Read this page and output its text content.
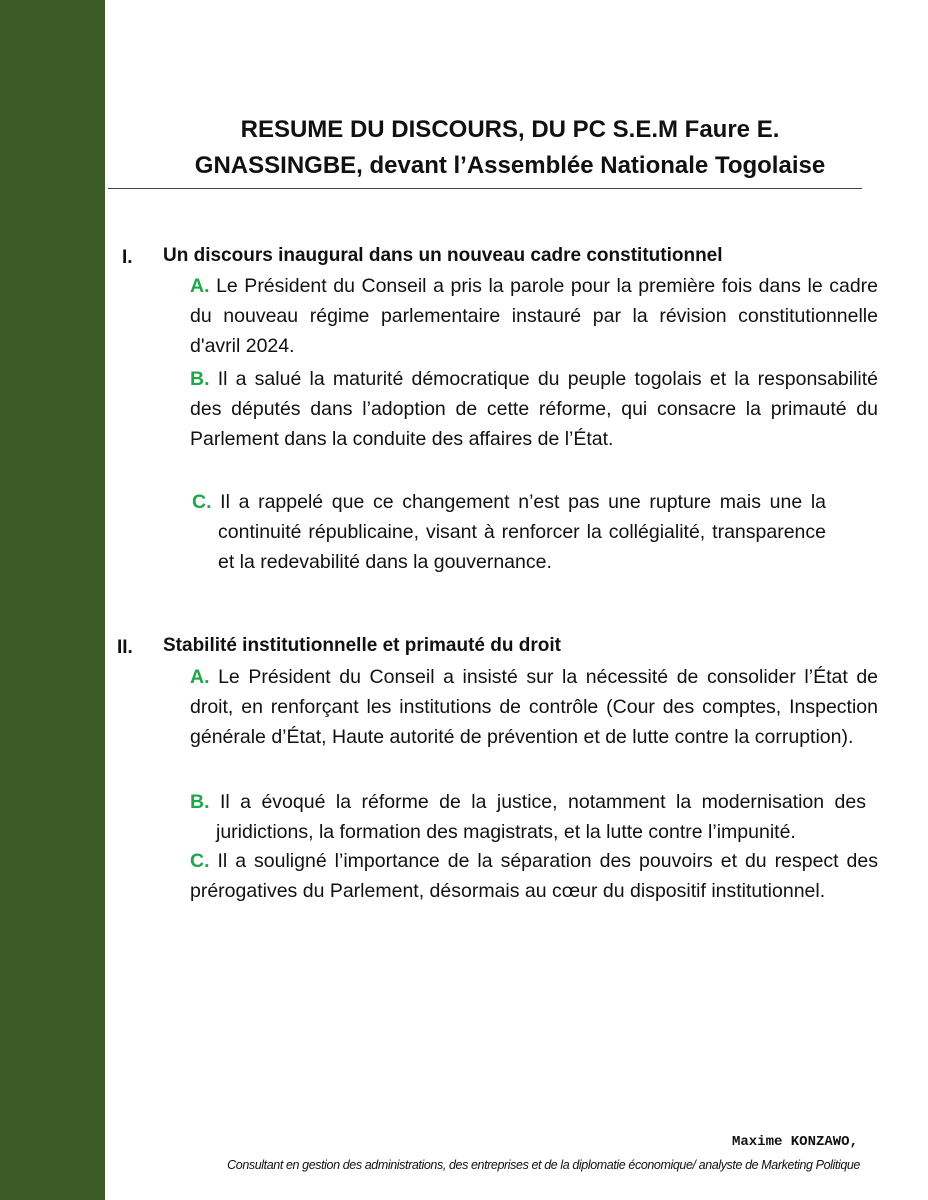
RESUME DU DISCOURS, DU PC S.E.M Faure E.
GNASSINGBE, devant l’Assemblée Nationale Togolaise
I. Un discours inaugural dans un nouveau cadre constitutionnel

A. Le Président du Conseil a pris la parole pour la première fois dans le cadre du nouveau régime parlementaire instauré par la révision constitutionnelle d'avril 2024.

B. Il a salué la maturité démocratique du peuple togolais et la responsabilité des députés dans l’adoption de cette réforme, qui consacre la primauté du Parlement dans la conduite des affaires de l’État.

C. Il a rappelé que ce changement n’est pas une rupture mais une la continuité républicaine, visant à renforcer la collégialité, transparence et la redevabilité dans la gouvernance.

II. Stabilité institutionnelle et primauté du droit

A. Le Président du Conseil a insisté sur la nécessité de consolider l’État de droit, en renforçant les institutions de contrôle (Cour des comptes, Inspection générale d’État, Haute autorité de prévention et de lutte contre la corruption).

B. Il a évoqué la réforme de la justice, notamment la modernisation des juridictions, la formation des magistrats, et la lutte contre l’impunité.

C. Il a souligné l’importance de la séparation des pouvoirs et du respect des prérogatives du Parlement, désormais au cœur du dispositif institutionnel.

Maxime KONZAWO,
Consultant en gestion des administrations, des entreprises et de la diplomatie économique/ analyste de Marketing Politique
